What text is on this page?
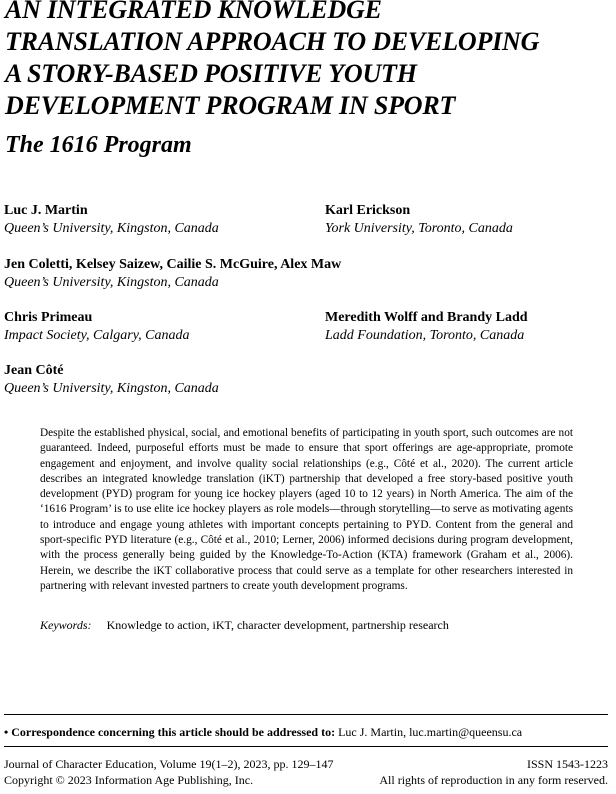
AN INTEGRATED KNOWLEDGE
TRANSLATION APPROACH TO DEVELOPING
A STORY-BASED POSITIVE YOUTH
DEVELOPMENT PROGRAM IN SPORT
The 1616 Program
Luc J. Martin
Queen’s University, Kingston, Canada
Karl Erickson
York University, Toronto, Canada
Jen Coletti, Kelsey Saizew, Cailie S. McGuire, Alex Maw
Queen’s University, Kingston, Canada
Chris Primeau
Impact Society, Calgary, Canada
Meredith Wolff and Brandy Ladd
Ladd Foundation, Toronto, Canada
Jean Côté
Queen’s University, Kingston, Canada
Despite the established physical, social, and emotional benefits of participating in youth sport, such outcomes are not guaranteed. Indeed, purposeful efforts must be made to ensure that sport offerings are age-appropriate, promote engagement and enjoyment, and involve quality social relationships (e.g., Côté et al., 2020). The current article describes an integrated knowledge translation (iKT) partnership that developed a free story-based positive youth development (PYD) program for young ice hockey players (aged 10 to 12 years) in North America. The aim of the ‘1616 Program’ is to use elite ice hockey players as role models—through storytelling—to serve as motivating agents to introduce and engage young athletes with important concepts pertaining to PYD. Content from the general and sport-specific PYD literature (e.g., Côté et al., 2010; Lerner, 2006) informed decisions during program development, with the process generally being guided by the Knowledge-To-Action (KTA) framework (Graham et al., 2006). Herein, we describe the iKT collaborative process that could serve as a template for other researchers interested in partnering with relevant invested partners to create youth development programs.
Keywords: Knowledge to action, iKT, character development, partnership research
• Correspondence concerning this article should be addressed to: Luc J. Martin, luc.martin@queensu.ca
Journal of Character Education, Volume 19(1–2), 2023, pp. 129–147
Copyright © 2023 Information Age Publishing, Inc.
ISSN 1543-1223
All rights of reproduction in any form reserved.
